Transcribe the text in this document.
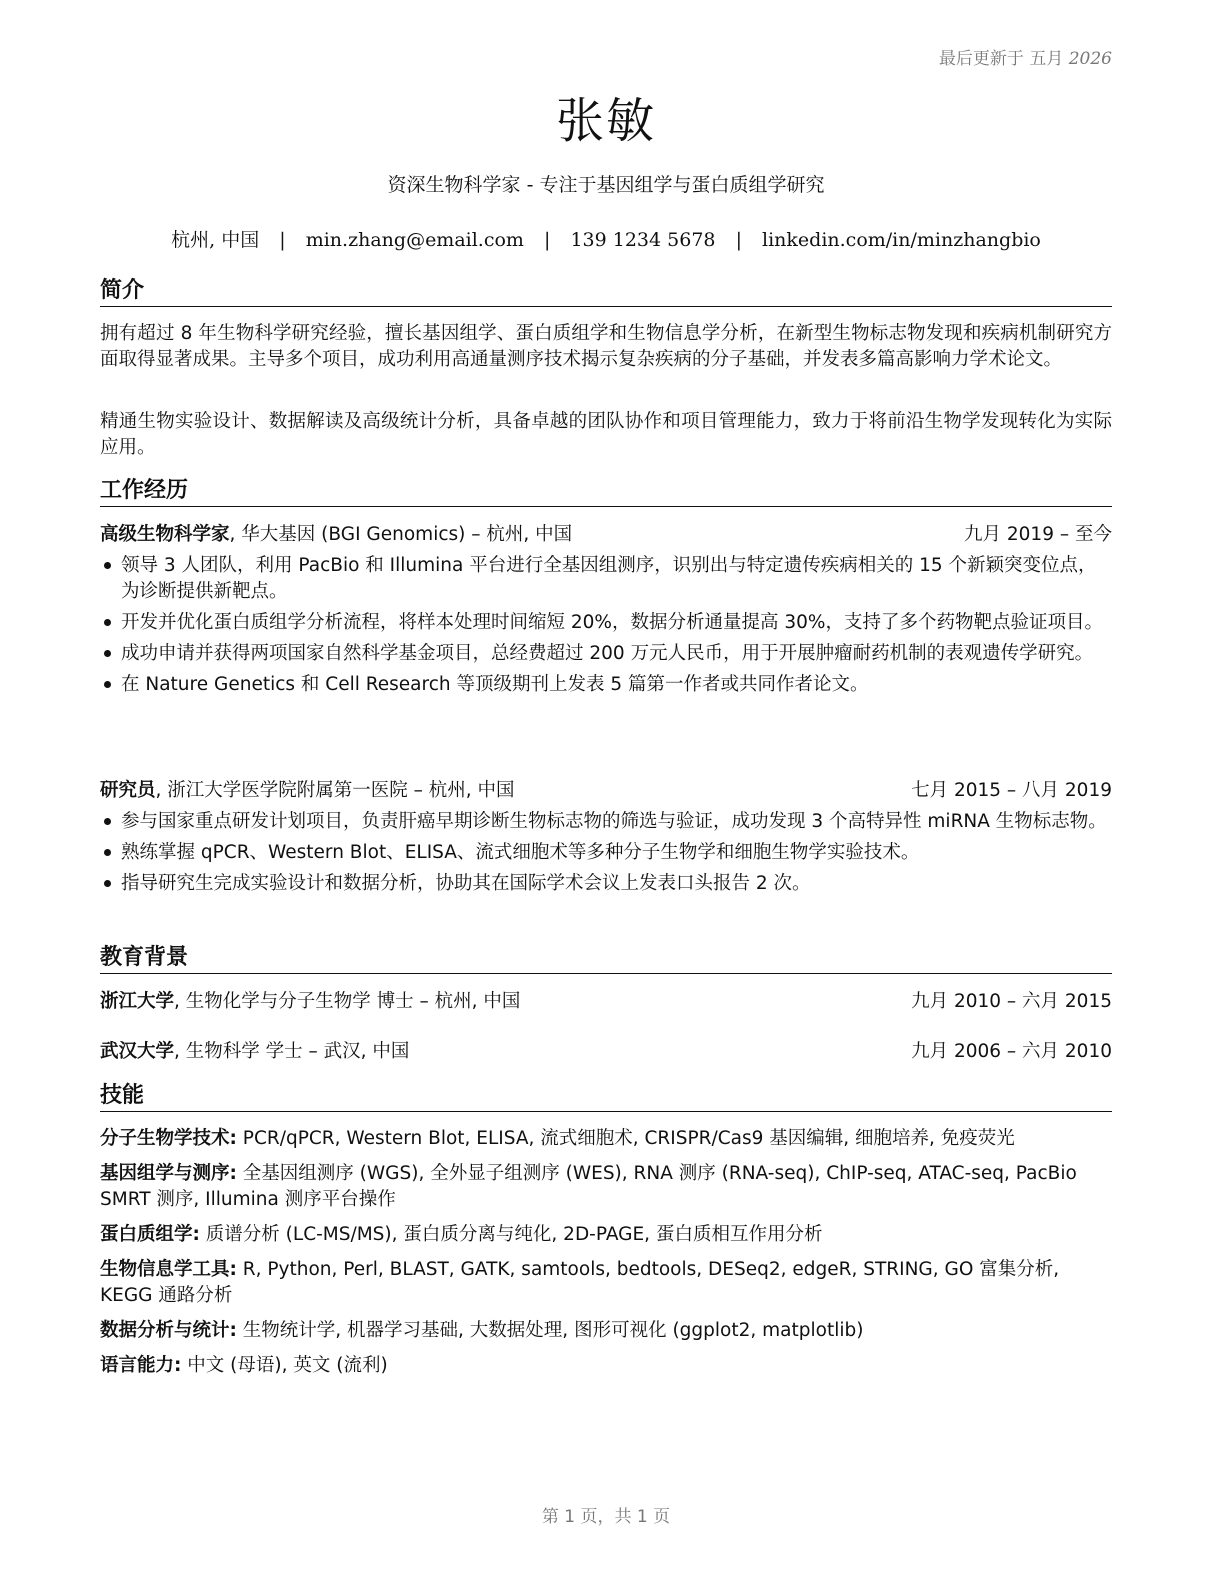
最后更新于 五月 2026
张敏
资深生物科学家 - 专注于基因组学与蛋白质组学研究
杭州, 中国 | min.zhang@email.com | 139 1234 5678 | linkedin.com/in/minzhangbio
简介
拥有超过 8 年生物科学研究经验，擅长基因组学、蛋白质组学和生物信息学分析，在新型生物标志物发现和疾病机制研究方面取得显著成果。主导多个项目，成功利用高通量测序技术揭示复杂疾病的分子基础，并发表多篇高影响力学术论文。
精通生物实验设计、数据解读及高级统计分析，具备卓越的团队协作和项目管理能力，致力于将前沿生物学发现转化为实际应用。
工作经历
高级生物科学家, 华大基因 (BGI Genomics) – 杭州, 中国	九月 2019 – 至今
领导 3 人团队，利用 PacBio 和 Illumina 平台进行全基因组测序，识别出与特定遗传疾病相关的 15 个新颖突变位点，为诊断提供新靶点。
开发并优化蛋白质组学分析流程，将样本处理时间缩短 20%，数据分析通量提高 30%，支持了多个药物靶点验证项目。
成功申请并获得两项国家自然科学基金项目，总经费超过 200 万元人民币，用于开展肿瘤耐药机制的表观遗传学研究。
在 Nature Genetics 和 Cell Research 等顶级期刊上发表 5 篇第一作者或共同作者论文。
研究员, 浙江大学医学院附属第一医院 – 杭州, 中国	七月 2015 – 八月 2019
参与国家重点研发计划项目，负责肝癌早期诊断生物标志物的筛选与验证，成功发现 3 个高特异性 miRNA 生物标志物。
熟练掌握 qPCR、Western Blot、ELISA、流式细胞术等多种分子生物学和细胞生物学实验技术。
指导研究生完成实验设计和数据分析，协助其在国际学术会议上发表口头报告 2 次。
教育背景
浙江大学, 生物化学与分子生物学 博士 – 杭州, 中国	九月 2010 – 六月 2015
武汉大学, 生物科学 学士 – 武汉, 中国	九月 2006 – 六月 2010
技能
分子生物学技术: PCR/qPCR, Western Blot, ELISA, 流式细胞术, CRISPR/Cas9 基因编辑, 细胞培养, 免疫荧光
基因组学与测序: 全基因组测序 (WGS), 全外显子组测序 (WES), RNA 测序 (RNA-seq), ChIP-seq, ATAC-seq, PacBio SMRT 测序, Illumina 测序平台操作
蛋白质组学: 质谱分析 (LC-MS/MS), 蛋白质分离与纯化, 2D-PAGE, 蛋白质相互作用分析
生物信息学工具: R, Python, Perl, BLAST, GATK, samtools, bedtools, DESeq2, edgeR, STRING, GO 富集分析, KEGG 通路分析
数据分析与统计: 生物统计学, 机器学习基础, 大数据处理, 图形可视化 (ggplot2, matplotlib)
语言能力: 中文 (母语), 英文 (流利)
第 1 页，共 1 页
